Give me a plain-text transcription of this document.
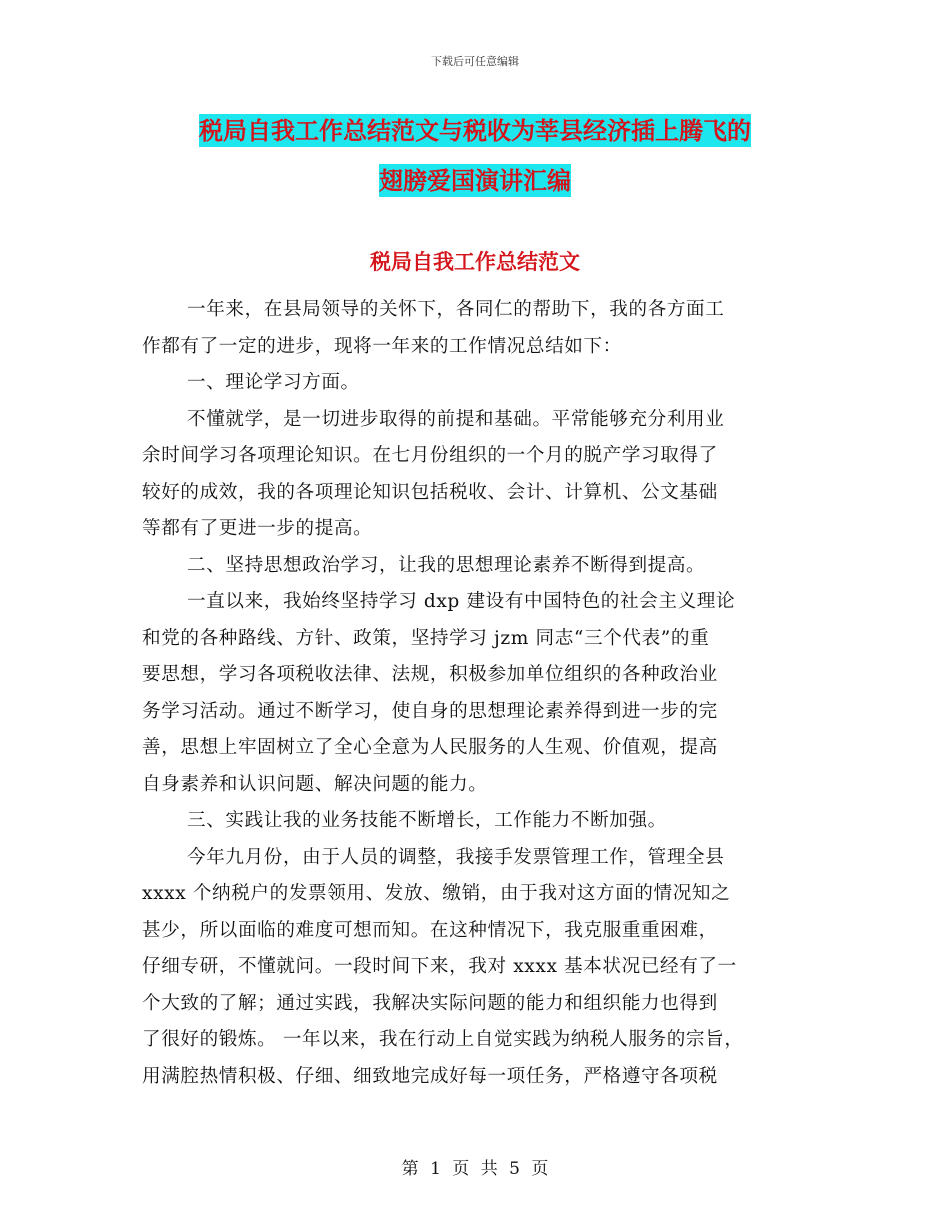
下载后可任意编辑
税局自我工作总结范文与税收为莘县经济插上腾飞的
翅膀爱国演讲汇编
税局自我工作总结范文
一年来，在县局领导的关怀下，各同仁的帮助下，我的各方面工
作都有了一定的进步，现将一年来的工作情况总结如下：
一、理论学习方面。
不懂就学，是一切进步取得的前提和基础。平常能够充分利用业
余时间学习各项理论知识。在七月份组织的一个月的脱产学习取得了
较好的成效，我的各项理论知识包括税收、会计、计算机、公文基础
等都有了更进一步的提高。
二、坚持思想政治学习，让我的思想理论素养不断得到提高。
一直以来，我始终坚持学习 dxp 建设有中国特色的社会主义理论
和党的各种路线、方针、政策，坚持学习 jzm 同志“三个代表”的重
要思想，学习各项税收法律、法规，积极参加单位组织的各种政治业
务学习活动。通过不断学习，使自身的思想理论素养得到进一步的完
善，思想上牢固树立了全心全意为人民服务的人生观、价值观，提高
自身素养和认识问题、解决问题的能力。
三、实践让我的业务技能不断增长，工作能力不断加强。
今年九月份，由于人员的调整，我接手发票管理工作，管理全县
xxxx 个纳税户的发票领用、发放、缴销，由于我对这方面的情况知之
甚少，所以面临的难度可想而知。在这种情况下，我克服重重困难，
仔细专研，不懂就问。一段时间下来，我对 xxxx 基本状况已经有了一
个大致的了解；通过实践，我解决实际问题的能力和组织能力也得到
了很好的锻炼。 一年以来，我在行动上自觉实践为纳税人服务的宗旨，
用满腔热情积极、仔细、细致地完成好每一项任务，严格遵守各项税
第 1 页 共 5 页
